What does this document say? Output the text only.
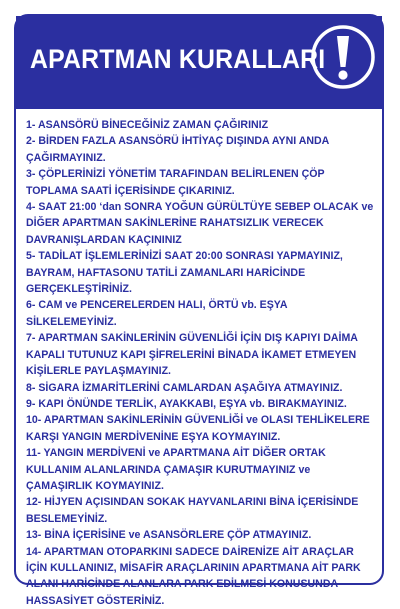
APARTMAN KURALLARI
1- ASANSÖRÜ BİNECEĞİNİZ ZAMAN ÇAĞIRINIZ
2- BİRDEN FAZLA ASANSÖRÜ İHTİYAÇ DIŞINDA AYNI ANDA ÇAĞIRMAYINIZ.
3- ÇÖPLERİNİZİ YÖNETİM TARAFINDAN BELİRLENEN ÇÖP TOPLAMA SAATİ İÇERİSİNDE ÇIKARINIZ.
4- SAAT 21:00 ‘dan SONRA YOĞUN GÜRÜLTÜYE SEBEP OLACAK ve DİĞER APARTMAN SAKİNLERİNE RAHATSIZLIK VERECEK DAVRANIŞLARDAN KAÇININIZ
5- TADİLAT İŞLEMLERİNİZİ SAAT 20:00 SONRASI YAPMAYINIZ, BAYRAM, HAFTASONU TATİLİ ZAMANLARI HARİCİNDE GERÇEKLEŞTİRİNİZ.
6- CAM ve PENCERELERDEN HALI, ÖRTÜ vb. EŞYA SİLKELEMEYİNİZ.
7- APARTMAN SAKİNLERİNİN GÜVENLİĞİ İÇİN DIŞ KAPIYI DAİMA KAPALI TUTUNUZ KAPI ŞİFRELERİNİ BİNADA İKAMET ETMEYEN KİŞİLERLE PAYLAŞMAYINIZ.
8- SİGARA İZMARİTLERİNİ CAMLARDAN AŞAĞIYA ATMAYINIZ.
9- KAPI ÖNÜNDE TERLİK, AYAKKABI, EŞYA vb. BIRAKMAYINIZ.
10- APARTMAN SAKİNLERİNİN GÜVENLİĞİ ve OLASI TEHLİKELERE KARŞI YANGIN MERDİVENİNE EŞYA KOYMAYINIZ.
11- YANGIN MERDİVENİ ve APARTMANA AİT DİĞER ORTAK KULLANIM ALANLARINDA ÇAMAŞIR KURUTMAYINIZ ve ÇAMAŞIRLIK KOYMAYINIZ.
12- HİJYEN AÇISINDAN SOKAK HAYVANLARINI BİNA İÇERİSİNDE BESLEMEYİNİZ.
13- BİNA İÇERİSİNE ve ASANSÖRLERE ÇÖP ATMAYINIZ.
14- APARTMAN OTOPARKINI SADECE DAİRENİZE AİT ARAÇLAR İÇİN KULLANINIZ, MİSAFİR ARAÇLARININ APARTMANA AİT PARK ALANI HARİCİNDE ALANLARA PARK EDİLMESİ KONUSUNDA HASSASİYET GÖSTERİNİZ.
